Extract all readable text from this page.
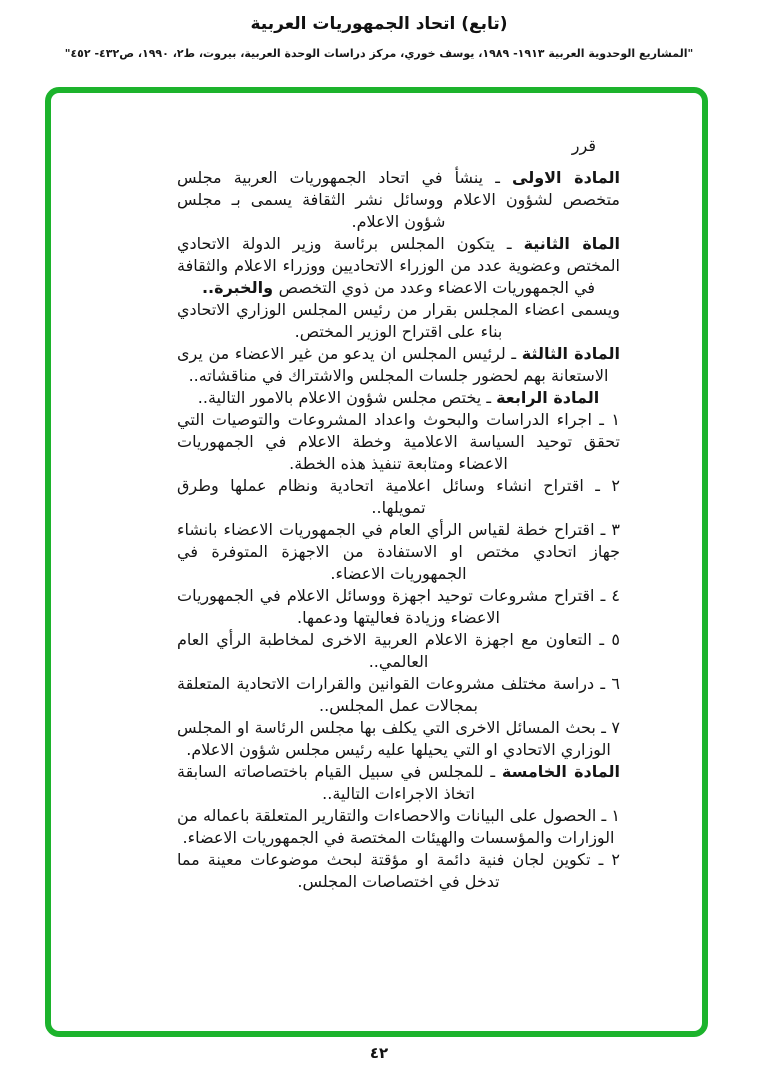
(تابع) اتحاد الجمهوريات العربية
"المشاريع الوحدوية العربية ١٩١٣- ١٩٨٩، يوسف خوري، مركز دراسات الوحدة العربية، بيروت، ط٢، ١٩٩٠، ص٤٣٢- ٤٥٢"

قرر

المادة الاولى ـ ينشأ في اتحاد الجمهوريات العربية مجلس متخصص لشؤون الاعلام ووسائل نشر الثقافة يسمى بـ مجلس شؤون الاعلام.

الماة الثانية ـ يتكون المجلس برئاسة وزير الدولة الاتحادي المختص وعضوية عدد من الوزراء الاتحاديين ووزراء الاعلام والثقافة في الجمهوريات الاعضاء وعدد من ذوي التخصص والخبرة..

ويسمى اعضاء المجلس بقرار من رئيس المجلس الوزاري الاتحادي بناء على اقتراح الوزير المختص.

المادة الثالثة ـ لرئيس المجلس ان يدعو من غير الاعضاء من يرى الاستعانة بهم لحضور جلسات المجلس والاشتراك في مناقشاته..

المادة الرابعة ـ يختص مجلس شؤون الاعلام بالامور التالية..

١ ـ اجراء الدراسات والبحوث واعداد المشروعات والتوصيات التي تحقق توحيد السياسة الاعلامية وخطة الاعلام في الجمهوريات الاعضاء ومتابعة تنفيذ هذه الخطة.

٢ ـ اقتراح انشاء وسائل اعلامية اتحادية ونظام عملها وطرق تمويلها..

٣ ـ اقتراح خطة لقياس الرأي العام في الجمهوريات الاعضاء بانشاء جهاز اتحادي مختص او الاستفادة من الاجهزة المتوفرة في الجمهوريات الاعضاء.

٤ ـ اقتراح مشروعات توحيد اجهزة ووسائل الاعلام في الجمهوريات الاعضاء وزيادة فعاليتها ودعمها.

٥ ـ التعاون مع اجهزة الاعلام العربية الاخرى لمخاطبة الرأي العام العالمي..

٦ ـ دراسة مختلف مشروعات القوانين والقرارات الاتحادية المتعلقة بمجالات عمل المجلس..

٧ ـ بحث المسائل الاخرى التي يكلف بها مجلس الرئاسة او المجلس الوزاري الاتحادي او التي يحيلها عليه رئيس مجلس شؤون الاعلام.

المادة الخامسة ـ للمجلس في سبيل القيام باختصاصاته السابقة اتخاذ الاجراءات التالية..

١ ـ الحصول على البيانات والاحصاءات والتقارير المتعلقة باعماله من الوزارات والمؤسسات والهيئات المختصة في الجمهوريات الاعضاء.

٢ ـ تكوين لجان فنية دائمة او مؤقتة لبحث موضوعات معينة مما تدخل في اختصاصات المجلس.

٤٢
